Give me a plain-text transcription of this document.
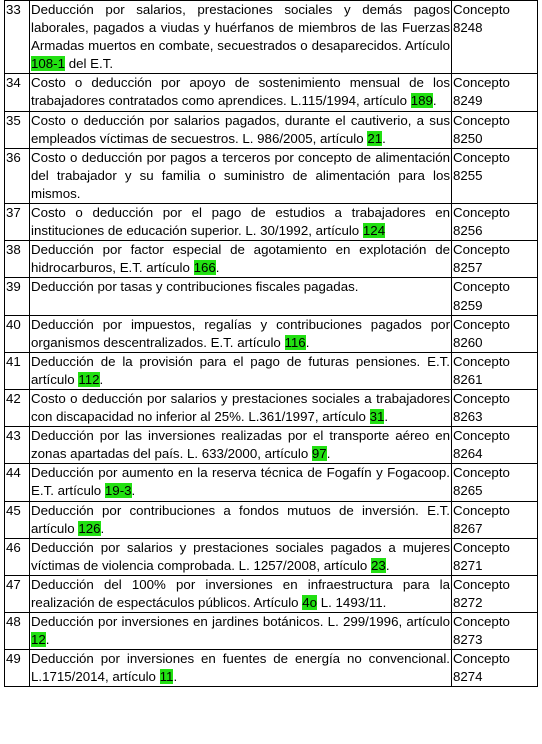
33	Deducción por salarios, prestaciones sociales y demás pagos laborales, pagados a viudas y huérfanos de miembros de las Fuerzas Armadas muertos en combate, secuestrados o desaparecidos. Artículo 108-1 del E.T.	Concepto
8248
34	Costo o deducción por apoyo de sostenimiento mensual de los trabajadores contratados como aprendices. L.115/1994, artículo 189.	Concepto
8249
35	Costo o deducción por salarios pagados, durante el cautiverio, a sus empleados víctimas de secuestros. L. 986/2005, artículo 21.	Concepto
8250
36	Costo o deducción por pagos a terceros por concepto de alimentación del trabajador y su familia o suministro de alimentación para los mismos.	Concepto
8255
37	Costo o deducción por el pago de estudios a trabajadores en instituciones de educación superior. L. 30/1992, artículo 124	Concepto
8256
38	Deducción por factor especial de agotamiento en explotación de hidrocarburos, E.T. artículo 166.	Concepto
8257
39	Deducción por tasas y contribuciones fiscales pagadas.	Concepto
8259
40	Deducción por impuestos, regalías y contribuciones pagados por organismos descentralizados. E.T. artículo 116.	Concepto
8260
41	Deducción de la provisión para el pago de futuras pensiones. E.T. artículo 112.	Concepto
8261
42	Costo o deducción por salarios y prestaciones sociales a trabajadores con discapacidad no inferior al 25%. L.361/1997, artículo 31.	Concepto
8263
43	Deducción por las inversiones realizadas por el transporte aéreo en zonas apartadas del país. L. 633/2000, artículo 97.	Concepto
8264
44	Deducción por aumento en la reserva técnica de Fogafín y Fogacoop. E.T. artículo 19-3.	Concepto
8265
45	Deducción por contribuciones a fondos mutuos de inversión. E.T. artículo 126.	Concepto
8267
46	Deducción por salarios y prestaciones sociales pagados a mujeres víctimas de violencia comprobada. L. 1257/2008, artículo 23.	Concepto
8271
47	Deducción del 100% por inversiones en infraestructura para la realización de espectáculos públicos. Artículo 4o L. 1493/11.	Concepto
8272
48	Deducción por inversiones en jardines botánicos. L. 299/1996, artículo 12.	Concepto
8273
49	Deducción por inversiones en fuentes de energía no convencional. L.1715/2014, artículo 11.	Concepto
8274
